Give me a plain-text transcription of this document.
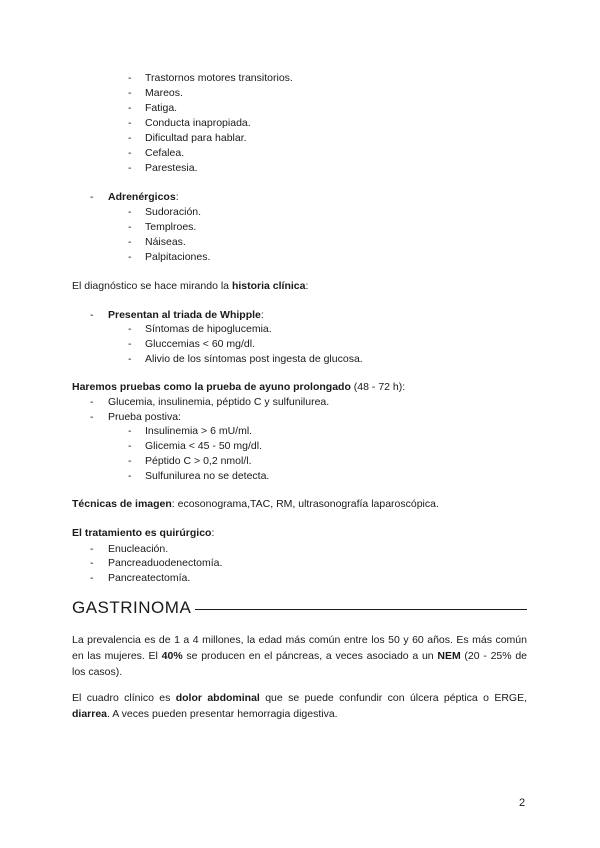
-	Trastornos motores transitorios.
-	Mareos.
-	Fatiga.
-	Conducta inapropiada.
-	Dificultad para hablar.
-	Cefalea.
-	Parestesia.
-	Adrenérgicos:
-	Sudoración.
-	Templroes.
-	Náiseas.
-	Palpitaciones.
El diagnóstico se hace mirando la historia clínica:
-	Presentan al triada de Whipple:
-	Síntomas de hipoglucemia.
-	Gluccemias < 60 mg/dl.
-	Alivio de los síntomas post ingesta de glucosa.
Haremos pruebas como la prueba de ayuno prolongado (48 - 72 h):
-	Glucemia, insulinemia, péptido C y sulfunilurea.
-	Prueba postiva:
-	Insulinemia > 6 mU/ml.
-	Glicemia < 45 - 50 mg/dl.
-	Péptido C > 0,2 nmol/l.
-	Sulfunilurea no se detecta.
Técnicas de imagen: ecosonograma,TAC, RM, ultrasonografía laparoscópica.
El tratamiento es quirúrgico:
-	Enucleación.
-	Pancreaduodenectomía.
-	Pancreatectomía.
GASTRINOMA
La prevalencia es de 1 a 4 millones, la edad más común entre los 50 y 60 años. Es más común en las mujeres. El 40% se producen en el páncreas, a veces asociado a un NEM (20 - 25% de los casos).
El cuadro clínico es dolor abdominal que se puede confundir con úlcera péptica o ERGE, diarrea. A veces pueden presentar hemorragia digestiva.
2
